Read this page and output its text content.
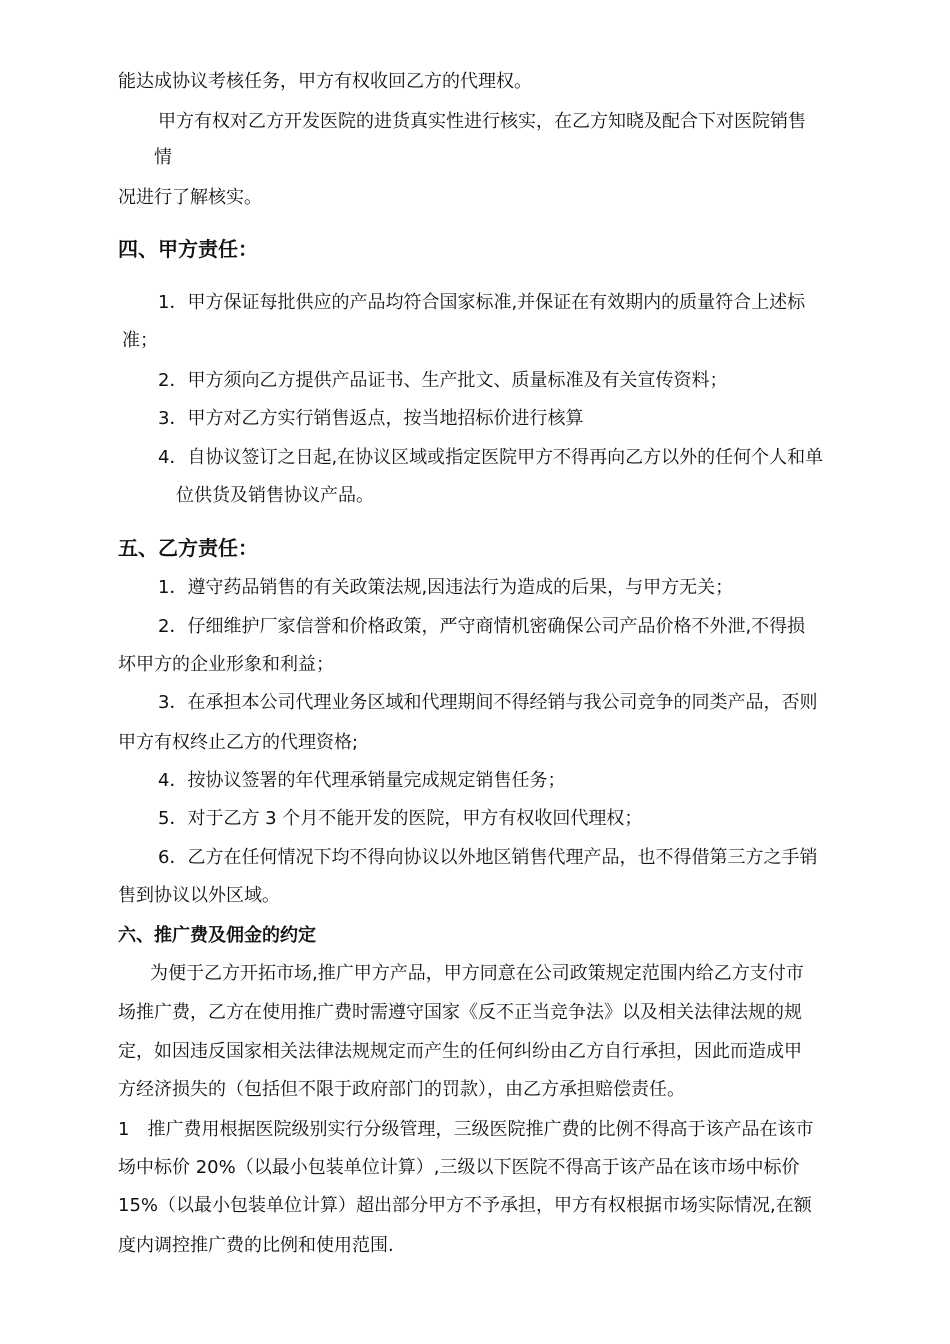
能达成协议考核任务，甲方有权收回乙方的代理权。
甲方有权对乙方开发医院的进货真实性进行核实，在乙方知晓及配合下对医院销售
情
况进行了解核实。
四、甲方责任：
1．甲方保证每批供应的产品均符合国家标准,并保证在有效期内的质量符合上述标
准；
2．甲方须向乙方提供产品证书、生产批文、质量标准及有关宣传资料；
3．甲方对乙方实行销售返点，按当地招标价进行核算
4．自协议签订之日起,在协议区域或指定医院甲方不得再向乙方以外的任何个人和单
位供货及销售协议产品。
五、乙方责任：
1．遵守药品销售的有关政策法规,因违法行为造成的后果，与甲方无关；
2．仔细维护厂家信誉和价格政策，严守商情机密确保公司产品价格不外泄,不得损
坏甲方的企业形象和利益；
3．在承担本公司代理业务区域和代理期间不得经销与我公司竞争的同类产品，否则
甲方有权终止乙方的代理资格;
4．按协议签署的年代理承销量完成规定销售任务；
5．对于乙方 3 个月不能开发的医院，甲方有权收回代理权；
6．乙方在任何情况下均不得向协议以外地区销售代理产品，也不得借第三方之手销
售到协议以外区域。
六、推广费及佣金的约定
为便于乙方开拓市场,推广甲方产品，甲方同意在公司政策规定范围内给乙方支付市
场推广费，乙方在使用推广费时需遵守国家《反不正当竞争法》以及相关法律法规的规
定，如因违反国家相关法律法规规定而产生的任何纠纷由乙方自行承担，因此而造成甲
方经济损失的（包括但不限于政府部门的罚款），由乙方承担赔偿责任。
1　推广费用根据医院级别实行分级管理，三级医院推广费的比例不得高于该产品在该市
场中标价 20%（以最小包装单位计算）,三级以下医院不得高于该产品在该市场中标价
15%（以最小包装单位计算）超出部分甲方不予承担，甲方有权根据市场实际情况,在额
度内调控推广费的比例和使用范围.
